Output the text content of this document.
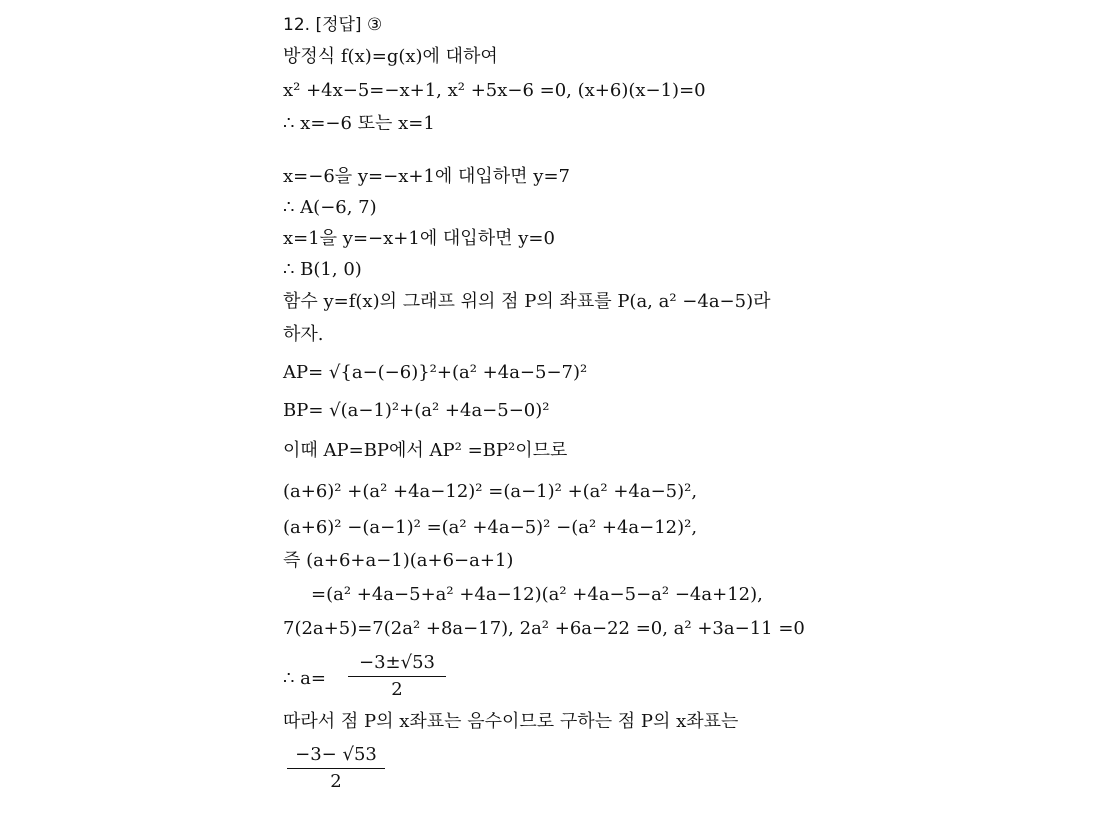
12. [정답] ③
방정식 f(x)=g(x)에 대하여
x² +4x−5=−x+1, x² +5x−6 =0, (x+6)(x−1)=0
∴ x=−6 또는 x=1
x=−6을 y=−x+1에 대입하면 y=7
∴ A(−6, 7)
x=1을 y=−x+1에 대입하면 y=0
∴ B(1, 0)
함수 y=f(x)의 그래프 위의 점 P의 좌표를 P(a, a² −4a−5)라
하자.
AP= √{a−(−6)}²+(a² +4a−5−7)²
BP= √(a−1)²+(a² +4a−5−0)²
이때 AP=BP에서 AP² =BP²이므로
(a+6)² +(a² +4a−12)² =(a−1)² +(a² +4a−5)²,
(a+6)² −(a−1)² =(a² +4a−5)² −(a² +4a−12)²,
즉 (a+6+a−1)(a+6−a+1)
=(a² +4a−5+a² +4a−12)(a² +4a−5−a² −4a+12),
7(2a+5)=7(2a² +8a−17), 2a² +6a−22 =0, a² +3a−11 =0
∴ a=
−3±√53
2
따라서 점 P의 x좌표는 음수이므로 구하는 점 P의 x좌표는
−3− √53
2
